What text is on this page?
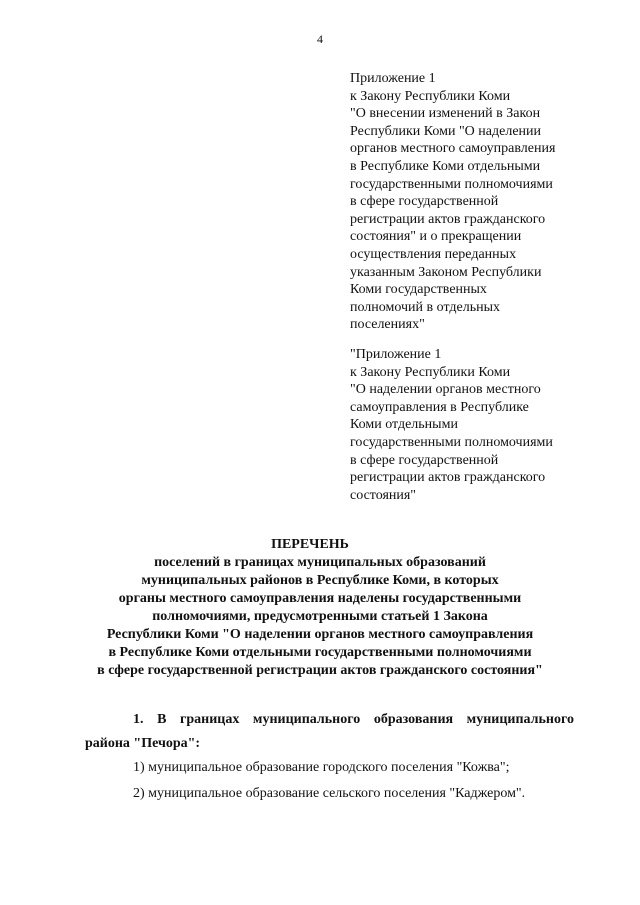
4
Приложение 1
к Закону Республики Коми
"О внесении изменений в Закон
Республики Коми "О наделении
органов местного самоуправления
в Республике Коми отдельными
государственными полномочиями
в сфере государственной
регистрации актов гражданского
состояния" и о прекращении
осуществления переданных
указанным Законом Республики
Коми государственных
полномочий в отдельных
поселениях"
"Приложение 1
к Закону Республики Коми
"О наделении органов местного
самоуправления в Республике
Коми отдельными
государственными полномочиями
в сфере государственной
регистрации актов гражданского
состояния"
ПЕРЕЧЕНЬ
поселений в границах муниципальных образований
муниципальных районов в Республике Коми, в которых
органы местного самоуправления наделены государственными
полномочиями, предусмотренными статьей 1 Закона
Республики Коми "О наделении органов местного самоуправления
в Республике Коми отдельными государственными полномочиями
в сфере государственной регистрации актов гражданского состояния"
1. В границах муниципального образования муниципального
района "Печора":
1) муниципальное образование городского поселения "Кожва";
2) муниципальное образование сельского поселения "Каджером".
